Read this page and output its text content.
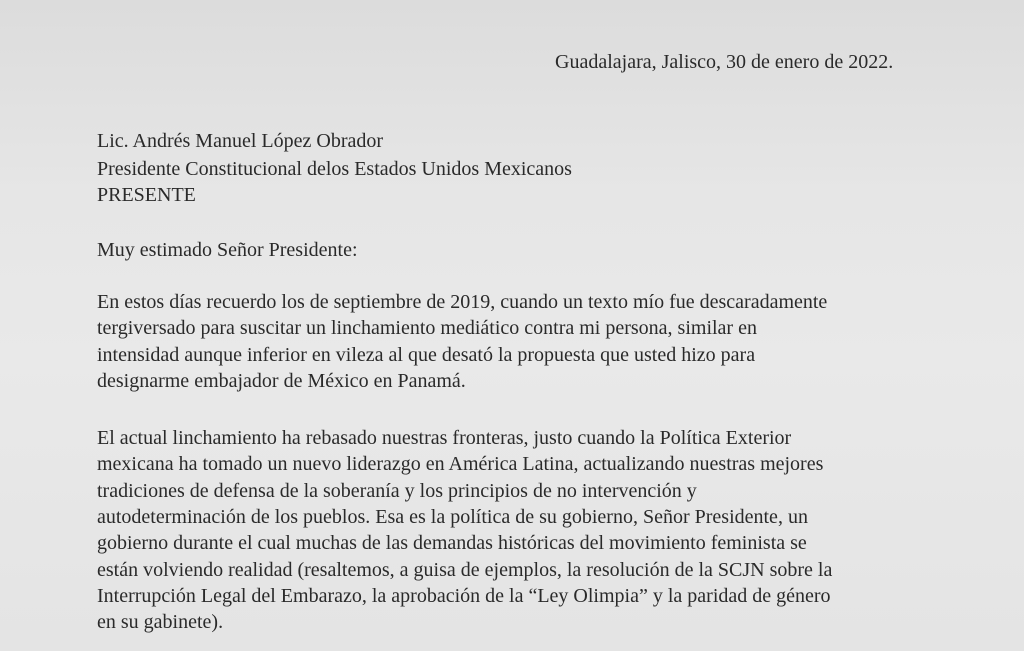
Guadalajara, Jalisco, 30 de enero de 2022.

Lic. Andrés Manuel López Obrador

Presidente Constitucional delos Estados Unidos Mexicanos

PRESENTE

Muy estimado Señor Presidente:

En estos días recuerdo los de septiembre de 2019, cuando un texto mío fue descaradamente

tergiversado para suscitar un linchamiento mediático contra mi persona, similar en

intensidad aunque inferior en vileza al que desató la propuesta que usted hizo para

designarme embajador de México en Panamá.

El actual linchamiento ha rebasado nuestras fronteras, justo cuando la Política Exterior

mexicana ha tomado un nuevo liderazgo en América Latina, actualizando nuestras mejores

tradiciones de defensa de la soberanía y los principios de no intervención y

autodeterminación de los pueblos. Esa es la política de su gobierno, Señor Presidente, un

gobierno durante el cual muchas de las demandas históricas del movimiento feminista se

están volviendo realidad (resaltemos, a guisa de ejemplos, la resolución de la SCJN sobre la

Interrupción Legal del Embarazo, la aprobación de la “Ley Olimpia” y la paridad de género

en su gabinete).
